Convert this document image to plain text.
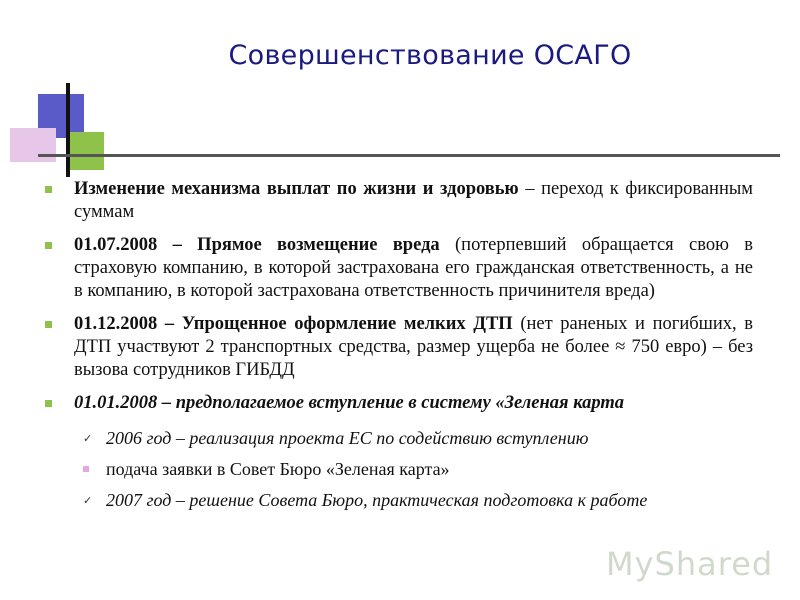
Совершенствование ОСАГО
Изменение механизма выплат по жизни и здоровью – переход к фиксированным суммам
01.07.2008 – Прямое возмещение вреда (потерпевший обращается свою в страховую компанию, в которой застрахована его гражданская ответственность, а не в компанию, в которой застрахована ответственность причинителя вреда)
01.12.2008 – Упрощенное оформление мелких ДТП (нет раненых и погибших, в ДТП участвуют 2 транспортных средства, размер ущерба не более ≈ 750 евро) – без вызова сотрудников ГИБДД
01.01.2008 – предполагаемое вступление в систему «Зеленая карта
✓ 2006 год – реализация проекта ЕС по содействию вступлению
подача заявки в Совет Бюро «Зеленая карта»
✓ 2007 год – решение Совета Бюро, практическая подготовка к работе
MyShared
